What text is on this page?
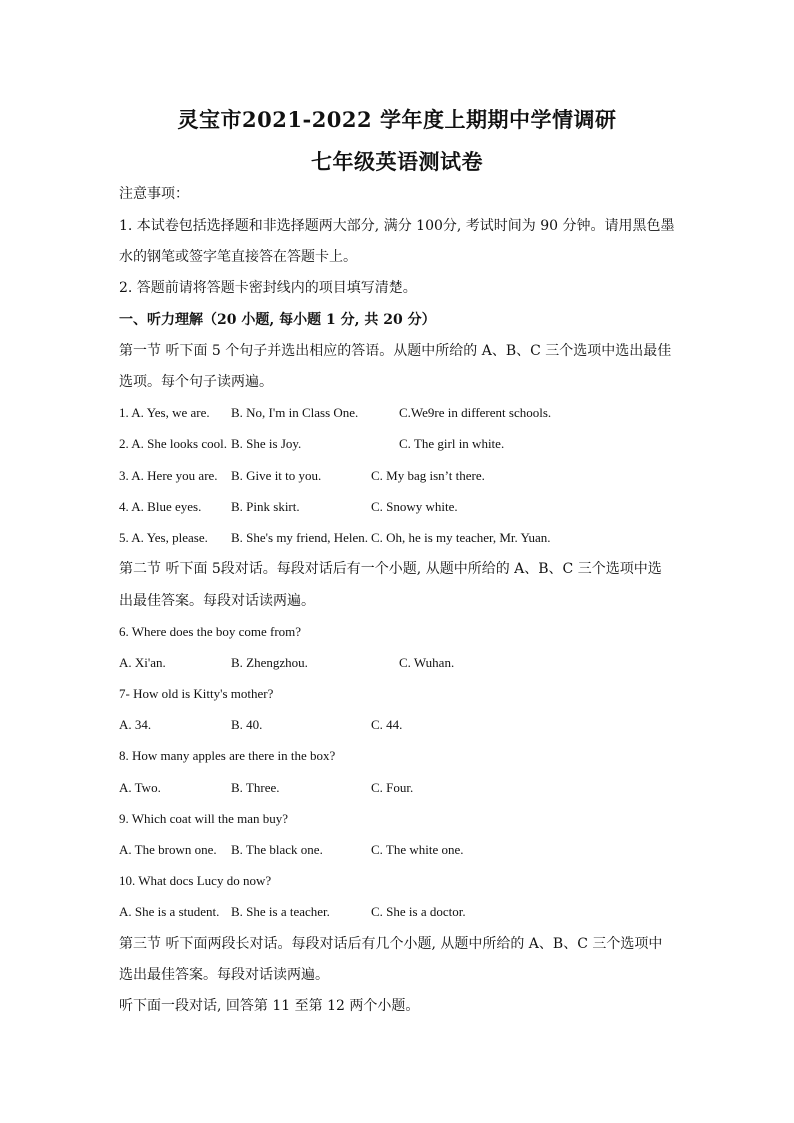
灵宝市2021-2022 学年度上期期中学情调研
七年级英语测试卷
注意事项：
1. 本试卷包括选择题和非选择题两大部分, 满分 100分, 考试时间为 90 分钟。请用黑色墨
水的钢笔或签字笔直接答在答题卡上。
2. 答题前请将答题卡密封线内的项目填写清楚。
一、听力理解（20 小题, 每小题 1 分, 共 20 分）
第一节 听下面 5 个句子并选出相应的答语。从题中所给的 A、B、C 三个选项中选出最佳
选项。每个句子读两遍。
1. A. Yes, we are. B. No, I'm in Class One.	C.We9re in different schools.
2. A. She looks cool. B. She is Joy.	C. The girl in white.
3. A. Here you are. B. Give it to you.	C. My bag isn’t there.
4. A. Blue eyes. B. Pink skirt.	C. Snowy white.
5. A. Yes, please. B. She's my friend, Helen. C. Oh, he is my teacher, Mr. Yuan.
第二节 听下面 5段对话。每段对话后有一个小题, 从题中所给的 A、B、C 三个选项中选
出最佳答案。每段对话读两遍。
6. Where does the boy come from?
A. Xi'an.	B. Zhengzhou.	C. Wuhan.
7- How old is Kitty's mother?
A. 34.	B. 40.	C. 44.
8. How many apples are there in the box?
A. Two.	B. Three.	C. Four.
9. Which coat will the man buy?
A. The brown one. B. The black one.	C. The white one.
10. What docs Lucy do now?
A. She is a student. B. She is a teacher.	C. She is a doctor.
第三节 听下面两段长对话。每段对话后有几个小题, 从题中所给的 A、B、C 三个选项中
选出最佳答案。每段对话读两遍。
听下面一段对话, 回答第 11 至第 12 两个小题。
